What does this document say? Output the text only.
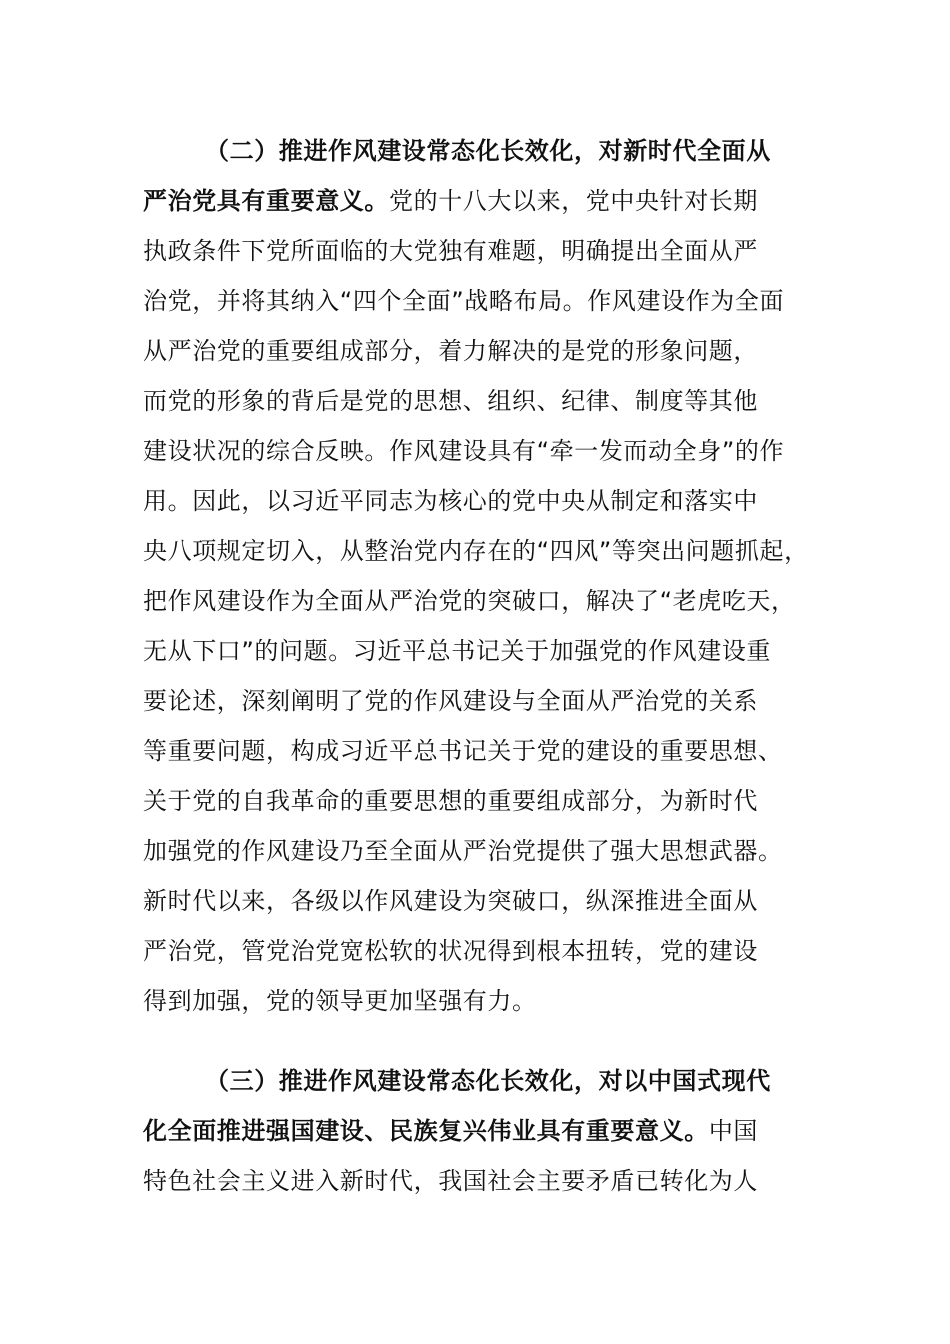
（二）推进作风建设常态化长效化，对新时代全面从
严治党具有重要意义。党的十八大以来，党中央针对长期
执政条件下党所面临的大党独有难题，明确提出全面从严
治党，并将其纳入“四个全面”战略布局。作风建设作为全面
从严治党的重要组成部分，着力解决的是党的形象问题，
而党的形象的背后是党的思想、组织、纪律、制度等其他
建设状况的综合反映。作风建设具有“牵一发而动全身”的作
用。因此，以习近平同志为核心的党中央从制定和落实中
央八项规定切入，从整治党内存在的“四风”等突出问题抓起，
把作风建设作为全面从严治党的突破口，解决了“老虎吃天，
无从下口”的问题。习近平总书记关于加强党的作风建设重
要论述，深刻阐明了党的作风建设与全面从严治党的关系
等重要问题，构成习近平总书记关于党的建设的重要思想、
关于党的自我革命的重要思想的重要组成部分，为新时代
加强党的作风建设乃至全面从严治党提供了强大思想武器。
新时代以来，各级以作风建设为突破口，纵深推进全面从
严治党，管党治党宽松软的状况得到根本扭转，党的建设
得到加强，党的领导更加坚强有力。
（三）推进作风建设常态化长效化，对以中国式现代
化全面推进强国建设、民族复兴伟业具有重要意义。中国
特色社会主义进入新时代，我国社会主要矛盾已转化为人
